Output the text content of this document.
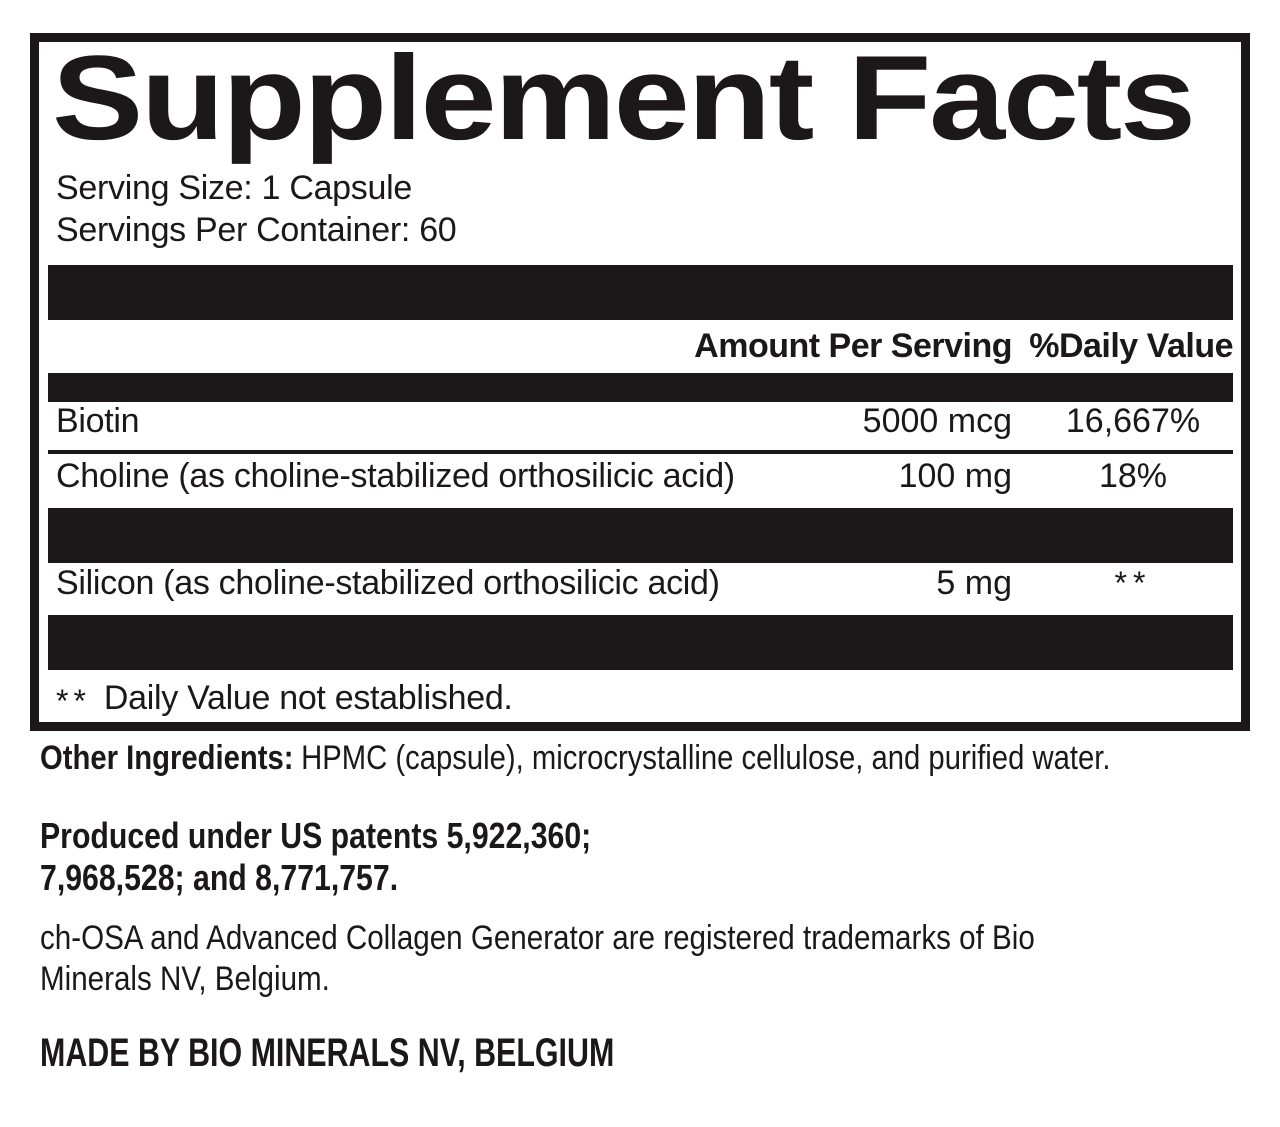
Supplement Facts
Serving Size: 1 Capsule
Servings Per Container: 60
Amount Per Serving %Daily Value
Biotin	5000 mcg	16,667%
Choline (as choline-stabilized orthosilicic acid)	100 mg	18%
Silicon (as choline-stabilized orthosilicic acid)	5 mg	**
** Daily Value not established.
Other Ingredients: HPMC (capsule), microcrystalline cellulose, and purified water.
Produced under US patents 5,922,360;
7,968,528; and 8,771,757.
ch-OSA and Advanced Collagen Generator are registered trademarks of Bio
Minerals NV, Belgium.
MADE BY BIO MINERALS NV, BELGIUM
